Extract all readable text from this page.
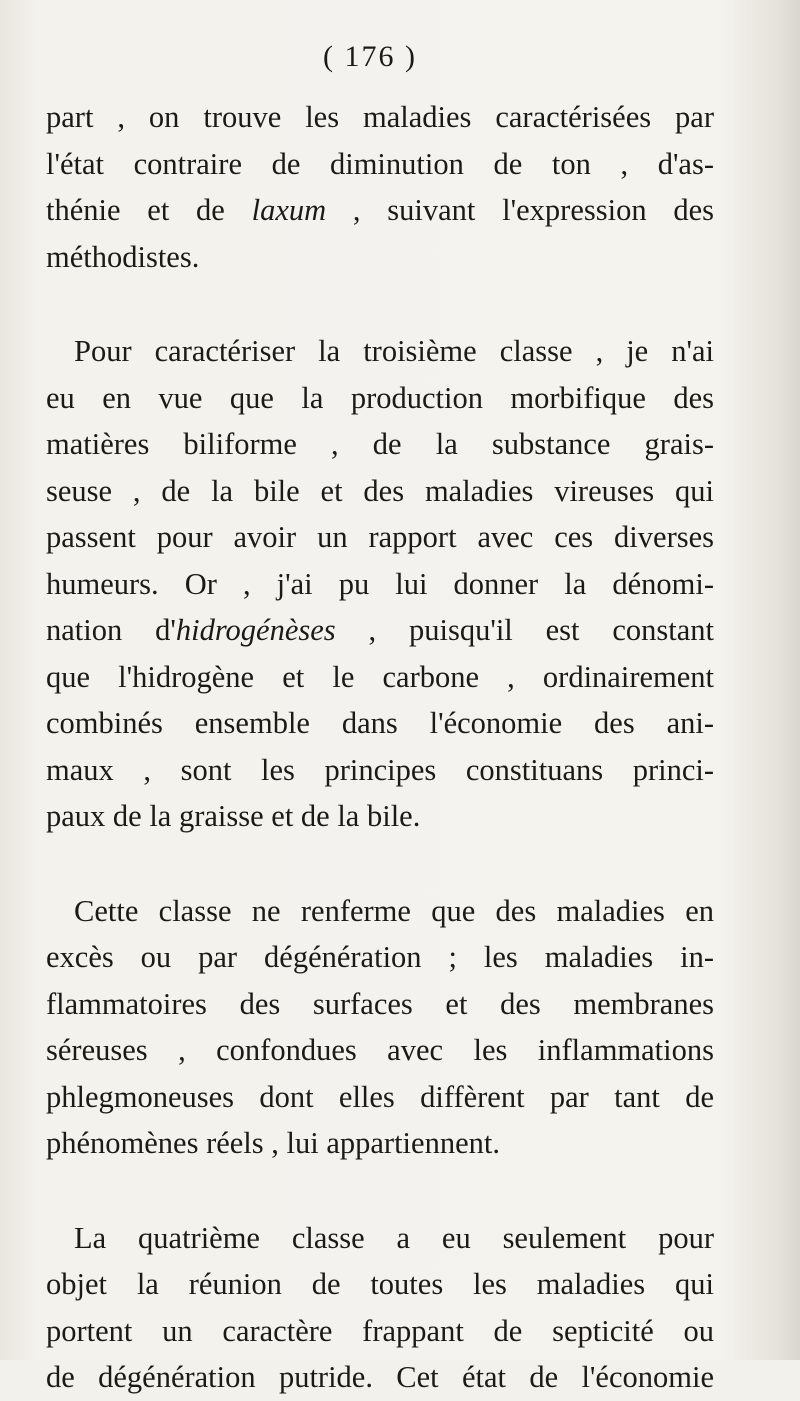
( 176 )
part , on trouve les maladies caractérisées par
l'état contraire de diminution de ton , d'as-
thénie et de laxum , suivant l'expression des
méthodistes.
Pour caractériser la troisième classe , je n'ai
eu en vue que la production morbifique des
matières biliforme , de la substance grais-
seuse , de la bile et des maladies vireuses qui
passent pour avoir un rapport avec ces diverses
humeurs. Or , j'ai pu lui donner la dénomi-
nation d'hidrogénèses , puisqu'il est constant
que l'hidrogène et le carbone , ordinairement
combinés ensemble dans l'économie des ani-
maux , sont les principes constituans princi-
paux de la graisse et de la bile.
Cette classe ne renferme que des maladies en
excès ou par dégénération ; les maladies in-
flammatoires des surfaces et des membranes
séreuses , confondues avec les inflammations
phlegmoneuses dont elles diffèrent par tant de
phénomènes réels , lui appartiennent.
La quatrième classe a eu seulement pour
objet la réunion de toutes les maladies qui
portent un caractère frappant de septicité ou
de dégénération putride. Cet état de l'économie
